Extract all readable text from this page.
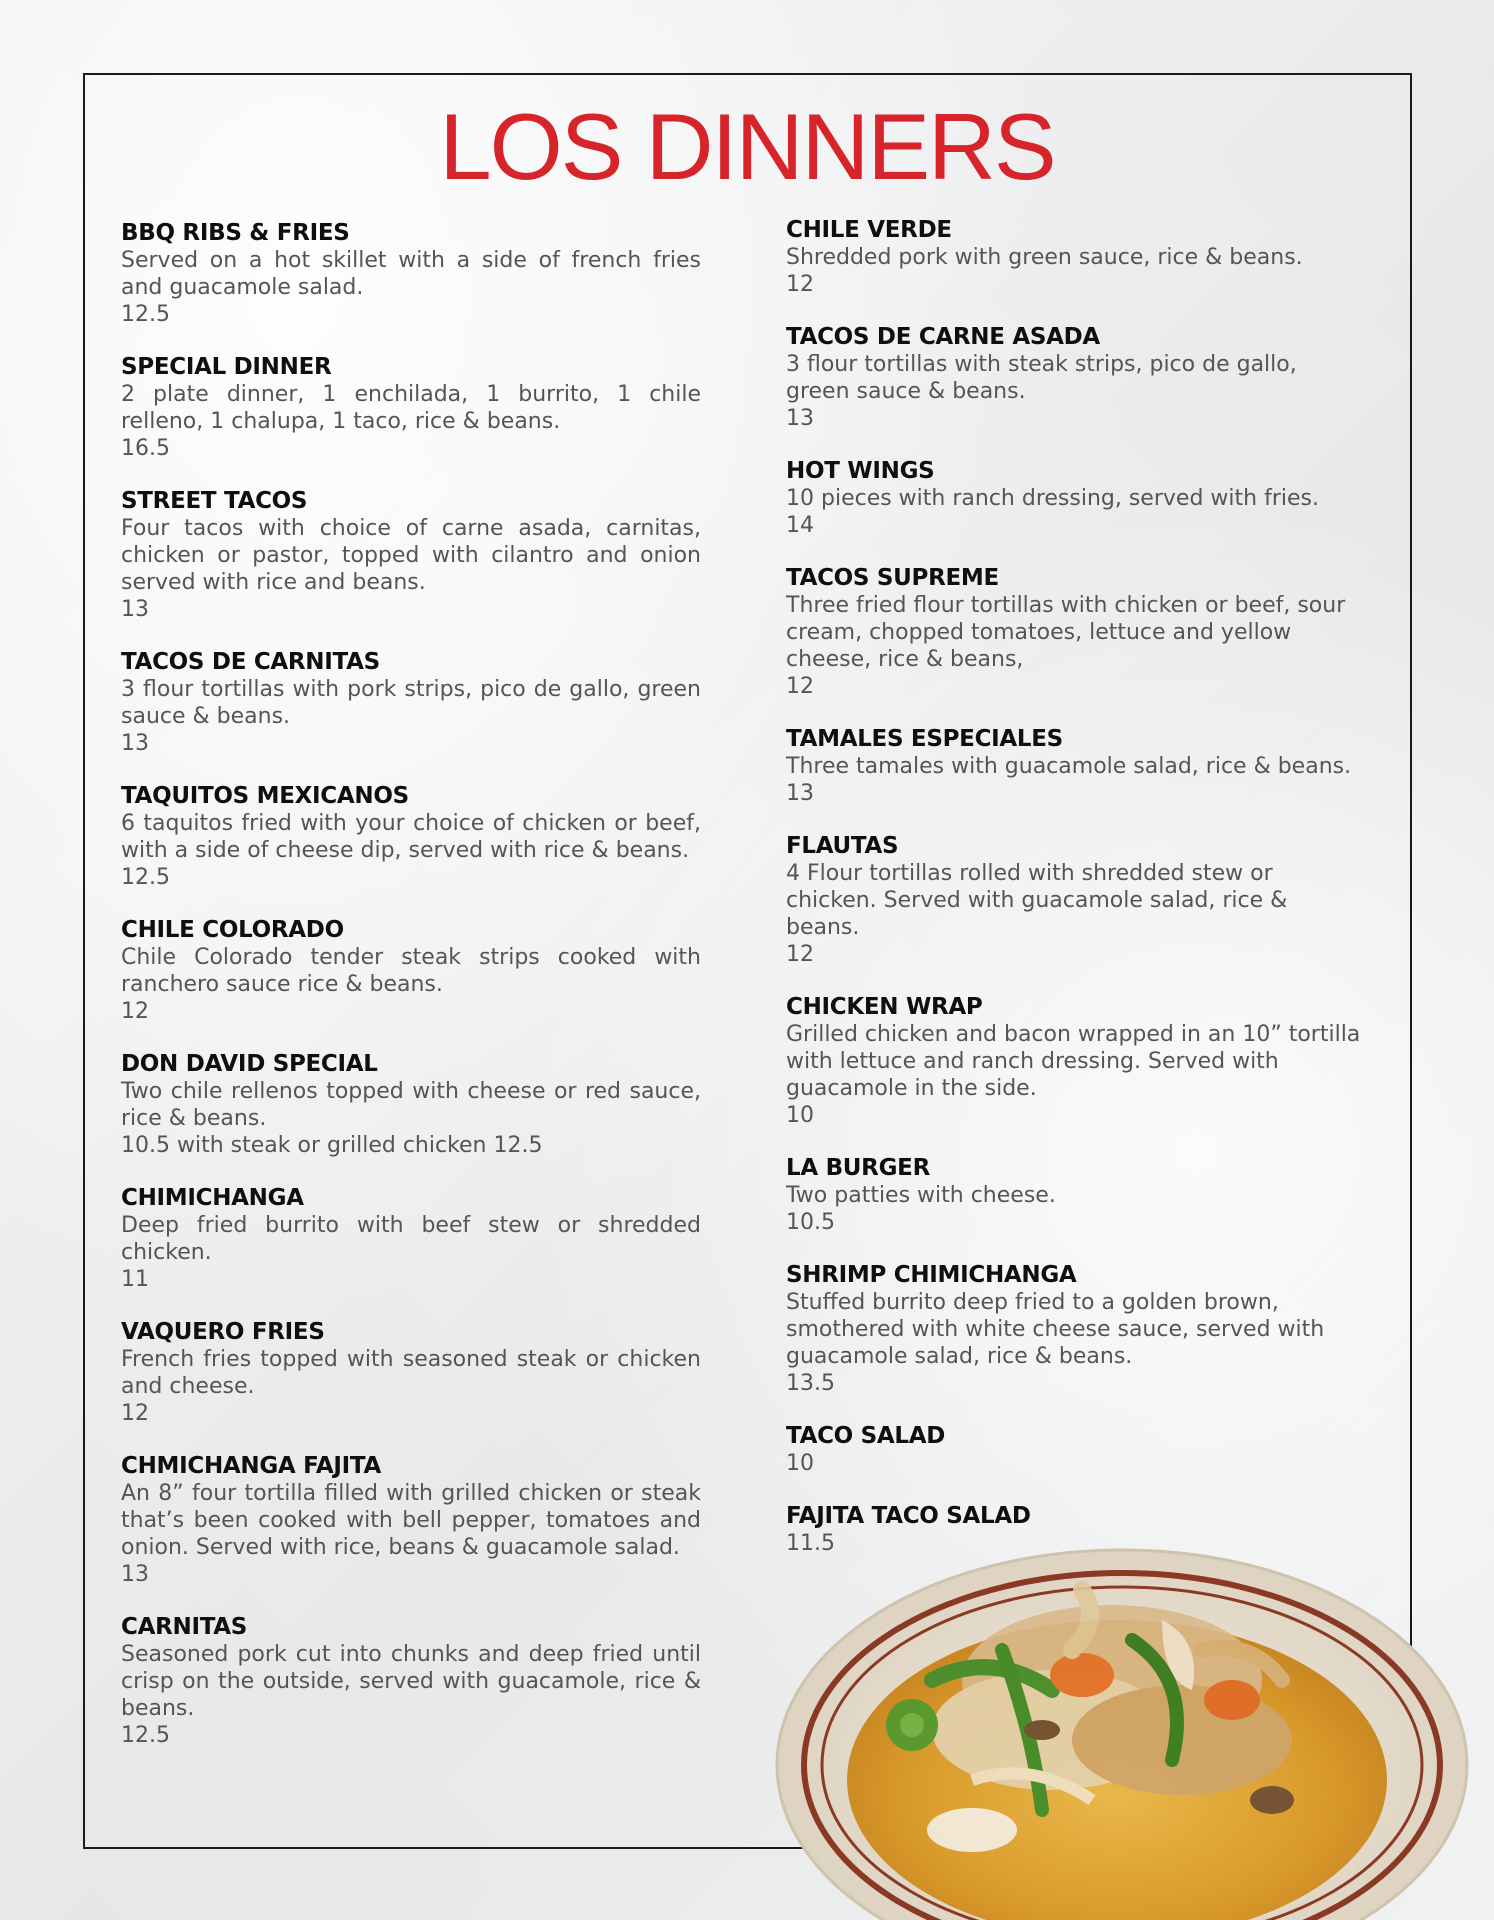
LOS DINNERS
BBQ RIBS & FRIES

Served on a hot skillet with a side of french fries and guacamole salad.

12.5
SPECIAL DINNER

2 plate dinner, 1 enchilada, 1 burrito, 1 chile relleno, 1 chalupa, 1 taco, rice & beans.

16.5
STREET TACOS

Four tacos with choice of carne asada, carnitas, chicken or pastor, topped with cilantro and onion served with rice and beans.

13
TACOS DE CARNITAS

3 flour tortillas with pork strips, pico de gallo, green sauce & beans.

13
TAQUITOS MEXICANOS

6 taquitos fried with your choice of chicken or beef, with a side of cheese dip, served with rice & beans.

12.5
CHILE COLORADO

Chile Colorado tender steak strips cooked with ranchero sauce rice & beans.

12
DON DAVID SPECIAL

Two chile rellenos topped with cheese or red sauce, rice & beans.

10.5 with steak or grilled chicken 12.5
CHIMICHANGA

Deep fried burrito with beef stew or shredded chicken.

11
VAQUERO FRIES

French fries topped with seasoned steak or chicken and cheese.

12
CHMICHANGA FAJITA

An 8” four tortilla filled with grilled chicken or steak that’s been cooked with bell pepper, tomatoes and onion. Served with rice, beans & guacamole salad.

13
CARNITAS

Seasoned pork cut into chunks and deep fried until crisp on the outside, served with guacamole, rice & beans.

12.5
CHILE VERDE

Shredded pork with green sauce, rice & beans.

12
TACOS DE CARNE ASADA

3 flour tortillas with steak strips, pico de gallo, green sauce & beans.

13
HOT WINGS

10 pieces with ranch dressing, served with fries.

14
TACOS SUPREME

Three fried flour tortillas with chicken or beef, sour cream, chopped tomatoes, lettuce and yellow cheese, rice & beans,

12
TAMALES ESPECIALES

Three tamales with guacamole salad, rice & beans.

13
FLAUTAS

4 Flour tortillas rolled with shredded stew or chicken. Served with guacamole salad, rice & beans.

12
CHICKEN WRAP

Grilled chicken and bacon wrapped in an 10” tortilla with lettuce and ranch dressing. Served with guacamole in the side.

10
LA BURGER

Two patties with cheese.

10.5
SHRIMP CHIMICHANGA

Stuffed burrito deep fried to a golden brown, smothered with white cheese sauce, served with guacamole salad, rice & beans.

13.5
TACO SALAD
10
FAJITA TACO SALAD
11.5
